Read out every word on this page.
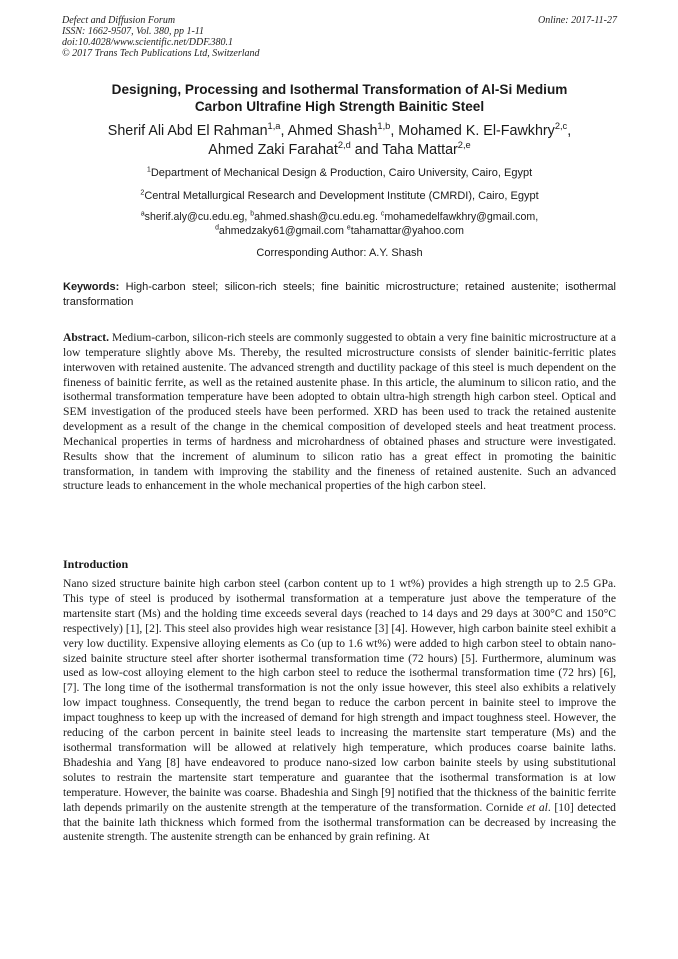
Defect and Diffusion Forum
ISSN: 1662-9507, Vol. 380, pp 1-11
doi:10.4028/www.scientific.net/DDF.380.1
© 2017 Trans Tech Publications Ltd, Switzerland
Online: 2017-11-27
Designing, Processing and Isothermal Transformation of Al-Si Medium
Carbon Ultrafine High Strength Bainitic Steel
Sherif Ali Abd El Rahman$^{1,a}$, Ahmed Shash$^{1,b}$, Mohamed K. El-Fawkhry$^{2,c}$,
Ahmed Zaki Farahat$^{2,d}$ and Taha Mattar$^{2,e}$
$^1$Department of Mechanical Design & Production, Cairo University, Cairo, Egypt
$^2$Central Metallurgical Research and Development Institute (CMRDI), Cairo, Egypt
$^a$sherif.aly@cu.edu.eg, $^b$ahmed.shash@cu.edu.eg. $^c$mohamedelfawkhry@gmail.com,
$^d$ahmedzaky61@gmail.com $^e$tahamattar@yahoo.com
Corresponding Author: A.Y. Shash
Keywords: High-carbon steel; silicon-rich steels; fine bainitic microstructure; retained austenite; isothermal transformation
Abstract. Medium-carbon, silicon-rich steels are commonly suggested to obtain a very fine bainitic microstructure at a low temperature slightly above Ms. Thereby, the resulted microstructure consists of slender bainitic-ferritic plates interwoven with retained austenite. The advanced strength and ductility package of this steel is much dependent on the fineness of bainitic ferrite, as well as the retained austenite phase. In this article, the aluminum to silicon ratio, and the isothermal transformation temperature have been adopted to obtain ultra-high strength high carbon steel. Optical and SEM investigation of the produced steels have been performed. XRD has been used to track the retained austenite development as a result of the change in the chemical composition of developed steels and heat treatment process. Mechanical properties in terms of hardness and microhardness of obtained phases and structure were investigated. Results show that the increment of aluminum to silicon ratio has a great effect in promoting the bainitic transformation, in tandem with improving the stability and the fineness of retained austenite. Such an advanced structure leads to enhancement in the whole mechanical properties of the high carbon steel.
Introduction

Nano sized structure bainite high carbon steel (carbon content up to 1 wt%) provides a high strength up to 2.5 GPa. This type of steel is produced by isothermal transformation at a temperature just above the temperature of the martensite start (Ms) and the holding time exceeds several days (reached to 14 days and 29 days at 300°C and 150°C respectively) [1], [2]. This steel also provides high wear resistance [3] [4]. However, high carbon bainite steel exhibit a very low ductility. Expensive alloying elements as Co (up to 1.6 wt%) were added to high carbon steel to obtain nano-sized bainite structure steel after shorter isothermal transformation time (72 hours) [5]. Furthermore, aluminum was used as low-cost alloying element to the high carbon steel to reduce the isothermal transformation time (72 hrs) [6], [7]. The long time of the isothermal transformation is not the only issue however, this steel also exhibits a relatively low impact toughness. Consequently, the trend began to reduce the carbon percent in bainite steel to improve the impact toughness to keep up with the increased of demand for high strength and impact toughness steel. However, the reducing of the carbon percent in bainite steel leads to increasing the martensite start temperature (Ms) and the isothermal transformation will be allowed at relatively high temperature, which produces coarse bainite laths. Bhadeshia and Yang [8] have endeavored to produce nano-sized low carbon bainite steels by using substitutional solutes to restrain the martensite start temperature and guarantee that the isothermal transformation is at low temperature. However, the bainite was coarse. Bhadeshia and Singh [9] notified that the thickness of the bainitic ferrite lath depends primarily on the austenite strength at the temperature of the transformation. Cornide et al. [10] detected that the bainite lath thickness which formed from the isothermal transformation can be decreased by increasing the austenite strength. The austenite strength can be enhanced by grain refining. At
